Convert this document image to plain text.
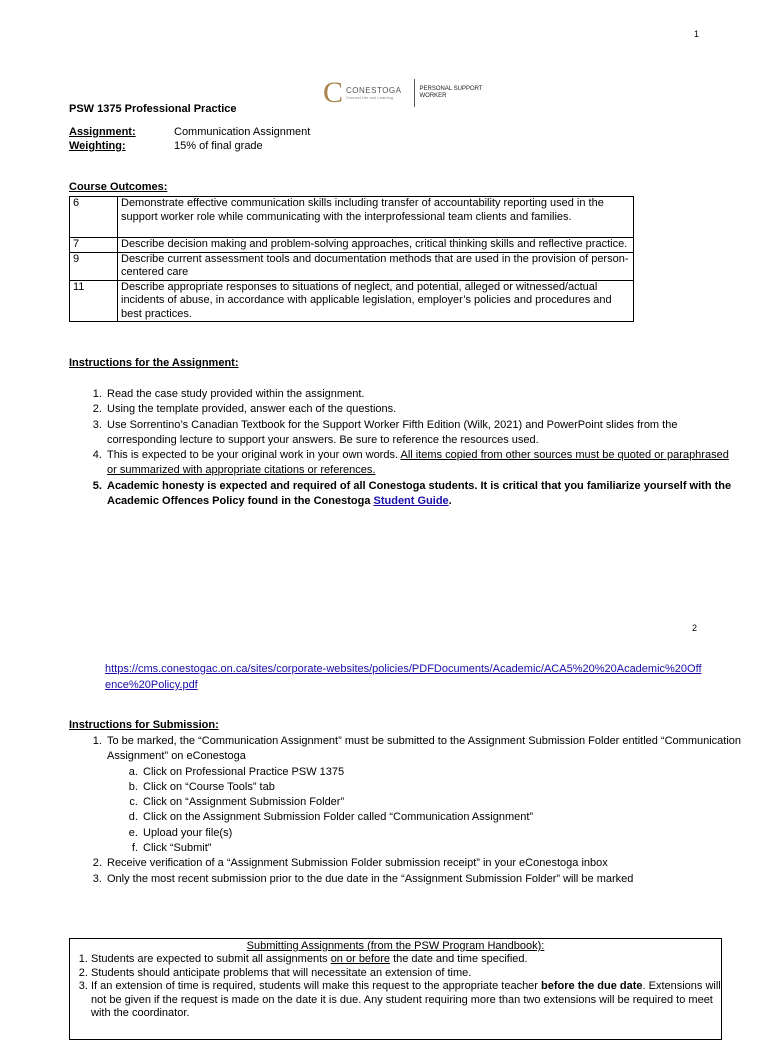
1
C CONESTOGA
Connect Life and Learning
PERSONAL SUPPORT
WORKER
PSW 1375 Professional Practice
Assignment:	Communication Assignment
Weighting:	15% of final grade
Course Outcomes:
6	Demonstrate effective communication skills including transfer of accountability reporting used in the support worker role while communicating with the interprofessional team clients and families.
7	Describe decision making and problem-solving approaches, critical thinking skills and reflective practice.
9	Describe current assessment tools and documentation methods that are used in the provision of person-centered care
11	Describe appropriate responses to situations of neglect, and potential, alleged or witnessed/actual incidents of abuse, in accordance with applicable legislation, employer’s policies and procedures and best practices.
Instructions for the Assignment:
1. Read the case study provided within the assignment.
2. Using the template provided, answer each of the questions.
3. Use Sorrentino’s Canadian Textbook for the Support Worker Fifth Edition (Wilk, 2021) and PowerPoint slides from the corresponding lecture to support your answers. Be sure to reference the resources used.
4. This is expected to be your original work in your own words. All items copied from other sources must be quoted or paraphrased or summarized with appropriate citations or references.
5. Academic honesty is expected and required of all Conestoga students. It is critical that you familiarize yourself with the Academic Offences Policy found in the Conestoga Student Guide.
2
https://cms.conestogac.on.ca/sites/corporate-websites/policies/PDFDocuments/Academic/ACA5%20%20Academic%20Offence%20Policy.pdf
Instructions for Submission:
1. To be marked, the “Communication Assignment” must be submitted to the Assignment Submission Folder entitled “Communication Assignment” on eConestoga
a. Click on Professional Practice PSW 1375
b. Click on “Course Tools” tab
c. Click on “Assignment Submission Folder”
d. Click on the Assignment Submission Folder called “Communication Assignment”
e. Upload your file(s)
f. Click “Submit”
2. Receive verification of a “Assignment Submission Folder submission receipt” in your eConestoga inbox
3. Only the most recent submission prior to the due date in the “Assignment Submission Folder” will be marked
Submitting Assignments (from the PSW Program Handbook):
1. Students are expected to submit all assignments on or before the date and time specified.
2. Students should anticipate problems that will necessitate an extension of time.
3. If an extension of time is required, students will make this request to the appropriate teacher before the due date. Extensions will not be given if the request is made on the date it is due. Any student requiring more than two extensions will be required to meet with the coordinator.
